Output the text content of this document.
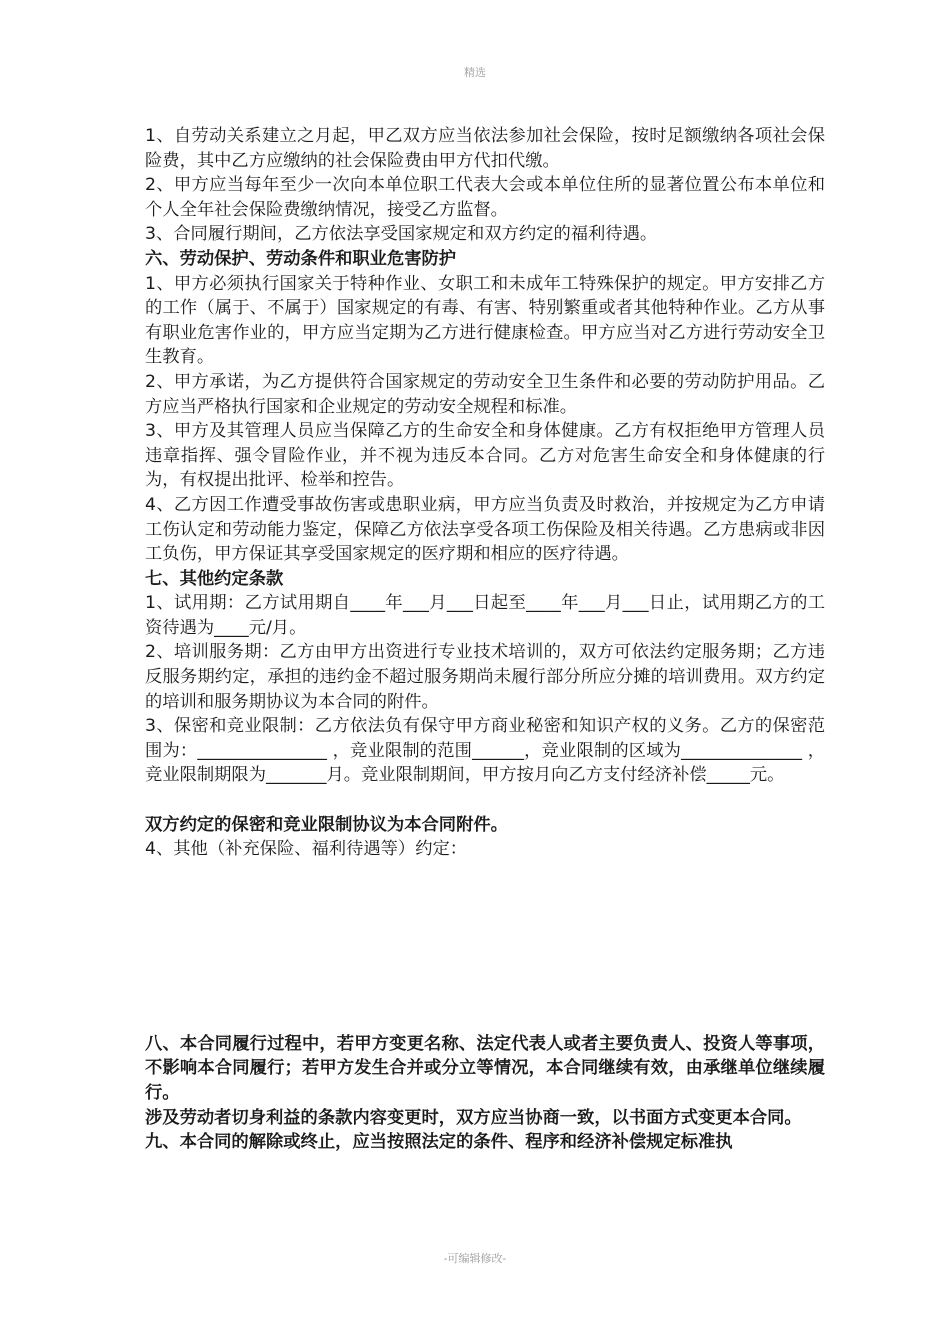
精选

1、自劳动关系建立之月起，甲乙双方应当依法参加社会保险，按时足额缴纳各项社会保险费，其中乙方应缴纳的社会保险费由甲方代扣代缴。

2、甲方应当每年至少一次向本单位职工代表大会或本单位住所的显著位置公布本单位和个人全年社会保险费缴纳情况，接受乙方监督。

3、合同履行期间，乙方依法享受国家规定和双方约定的福利待遇。

六、劳动保护、劳动条件和职业危害防护

1、甲方必须执行国家关于特种作业、女职工和未成年工特殊保护的规定。甲方安排乙方的工作（属于、不属于）国家规定的有毒、有害、特别繁重或者其他特种作业。乙方从事有职业危害作业的，甲方应当定期为乙方进行健康检查。甲方应当对乙方进行劳动安全卫生教育。

2、甲方承诺，为乙方提供符合国家规定的劳动安全卫生条件和必要的劳动防护用品。乙方应当严格执行国家和企业规定的劳动安全规程和标准。

3、甲方及其管理人员应当保障乙方的生命安全和身体健康。乙方有权拒绝甲方管理人员违章指挥、强令冒险作业，并不视为违反本合同。乙方对危害生命安全和身体健康的行为，有权提出批评、检举和控告。

4、乙方因工作遭受事故伤害或患职业病，甲方应当负责及时救治，并按规定为乙方申请工伤认定和劳动能力鉴定，保障乙方依法享受各项工伤保险及相关待遇。乙方患病或非因工负伤，甲方保证其享受国家规定的医疗期和相应的医疗待遇。

七、其他约定条款

1、试用期：乙方试用期自____年___月___日起至____年___月___日止，试用期乙方的工资待遇为____元/月。

2、培训服务期：乙方由甲方出资进行专业技术培训的，双方可依法约定服务期；乙方违反服务期约定，承担的违约金不超过服务期尚未履行部分所应分摊的培训费用。双方约定的培训和服务期协议为本合同的附件。

3、保密和竞业限制：乙方依法负有保守甲方商业秘密和知识产权的义务。乙方的保密范围为：_______________ ，竞业限制的范围______，竞业限制的区域为______________ ，竞业限制期限为_______月。竞业限制期间，甲方按月向乙方支付经济补偿_____元。

双方约定的保密和竞业限制协议为本合同附件。

4、其他（补充保险、福利待遇等）约定：

八、本合同履行过程中，若甲方变更名称、法定代表人或者主要负责人、投资人等事项，不影响本合同履行；若甲方发生合并或分立等情况，本合同继续有效，由承继单位继续履行。

涉及劳动者切身利益的条款内容变更时，双方应当协商一致，以书面方式变更本合同。

九、本合同的解除或终止，应当按照法定的条件、程序和经济补偿规定标准执

-可编辑修改-
